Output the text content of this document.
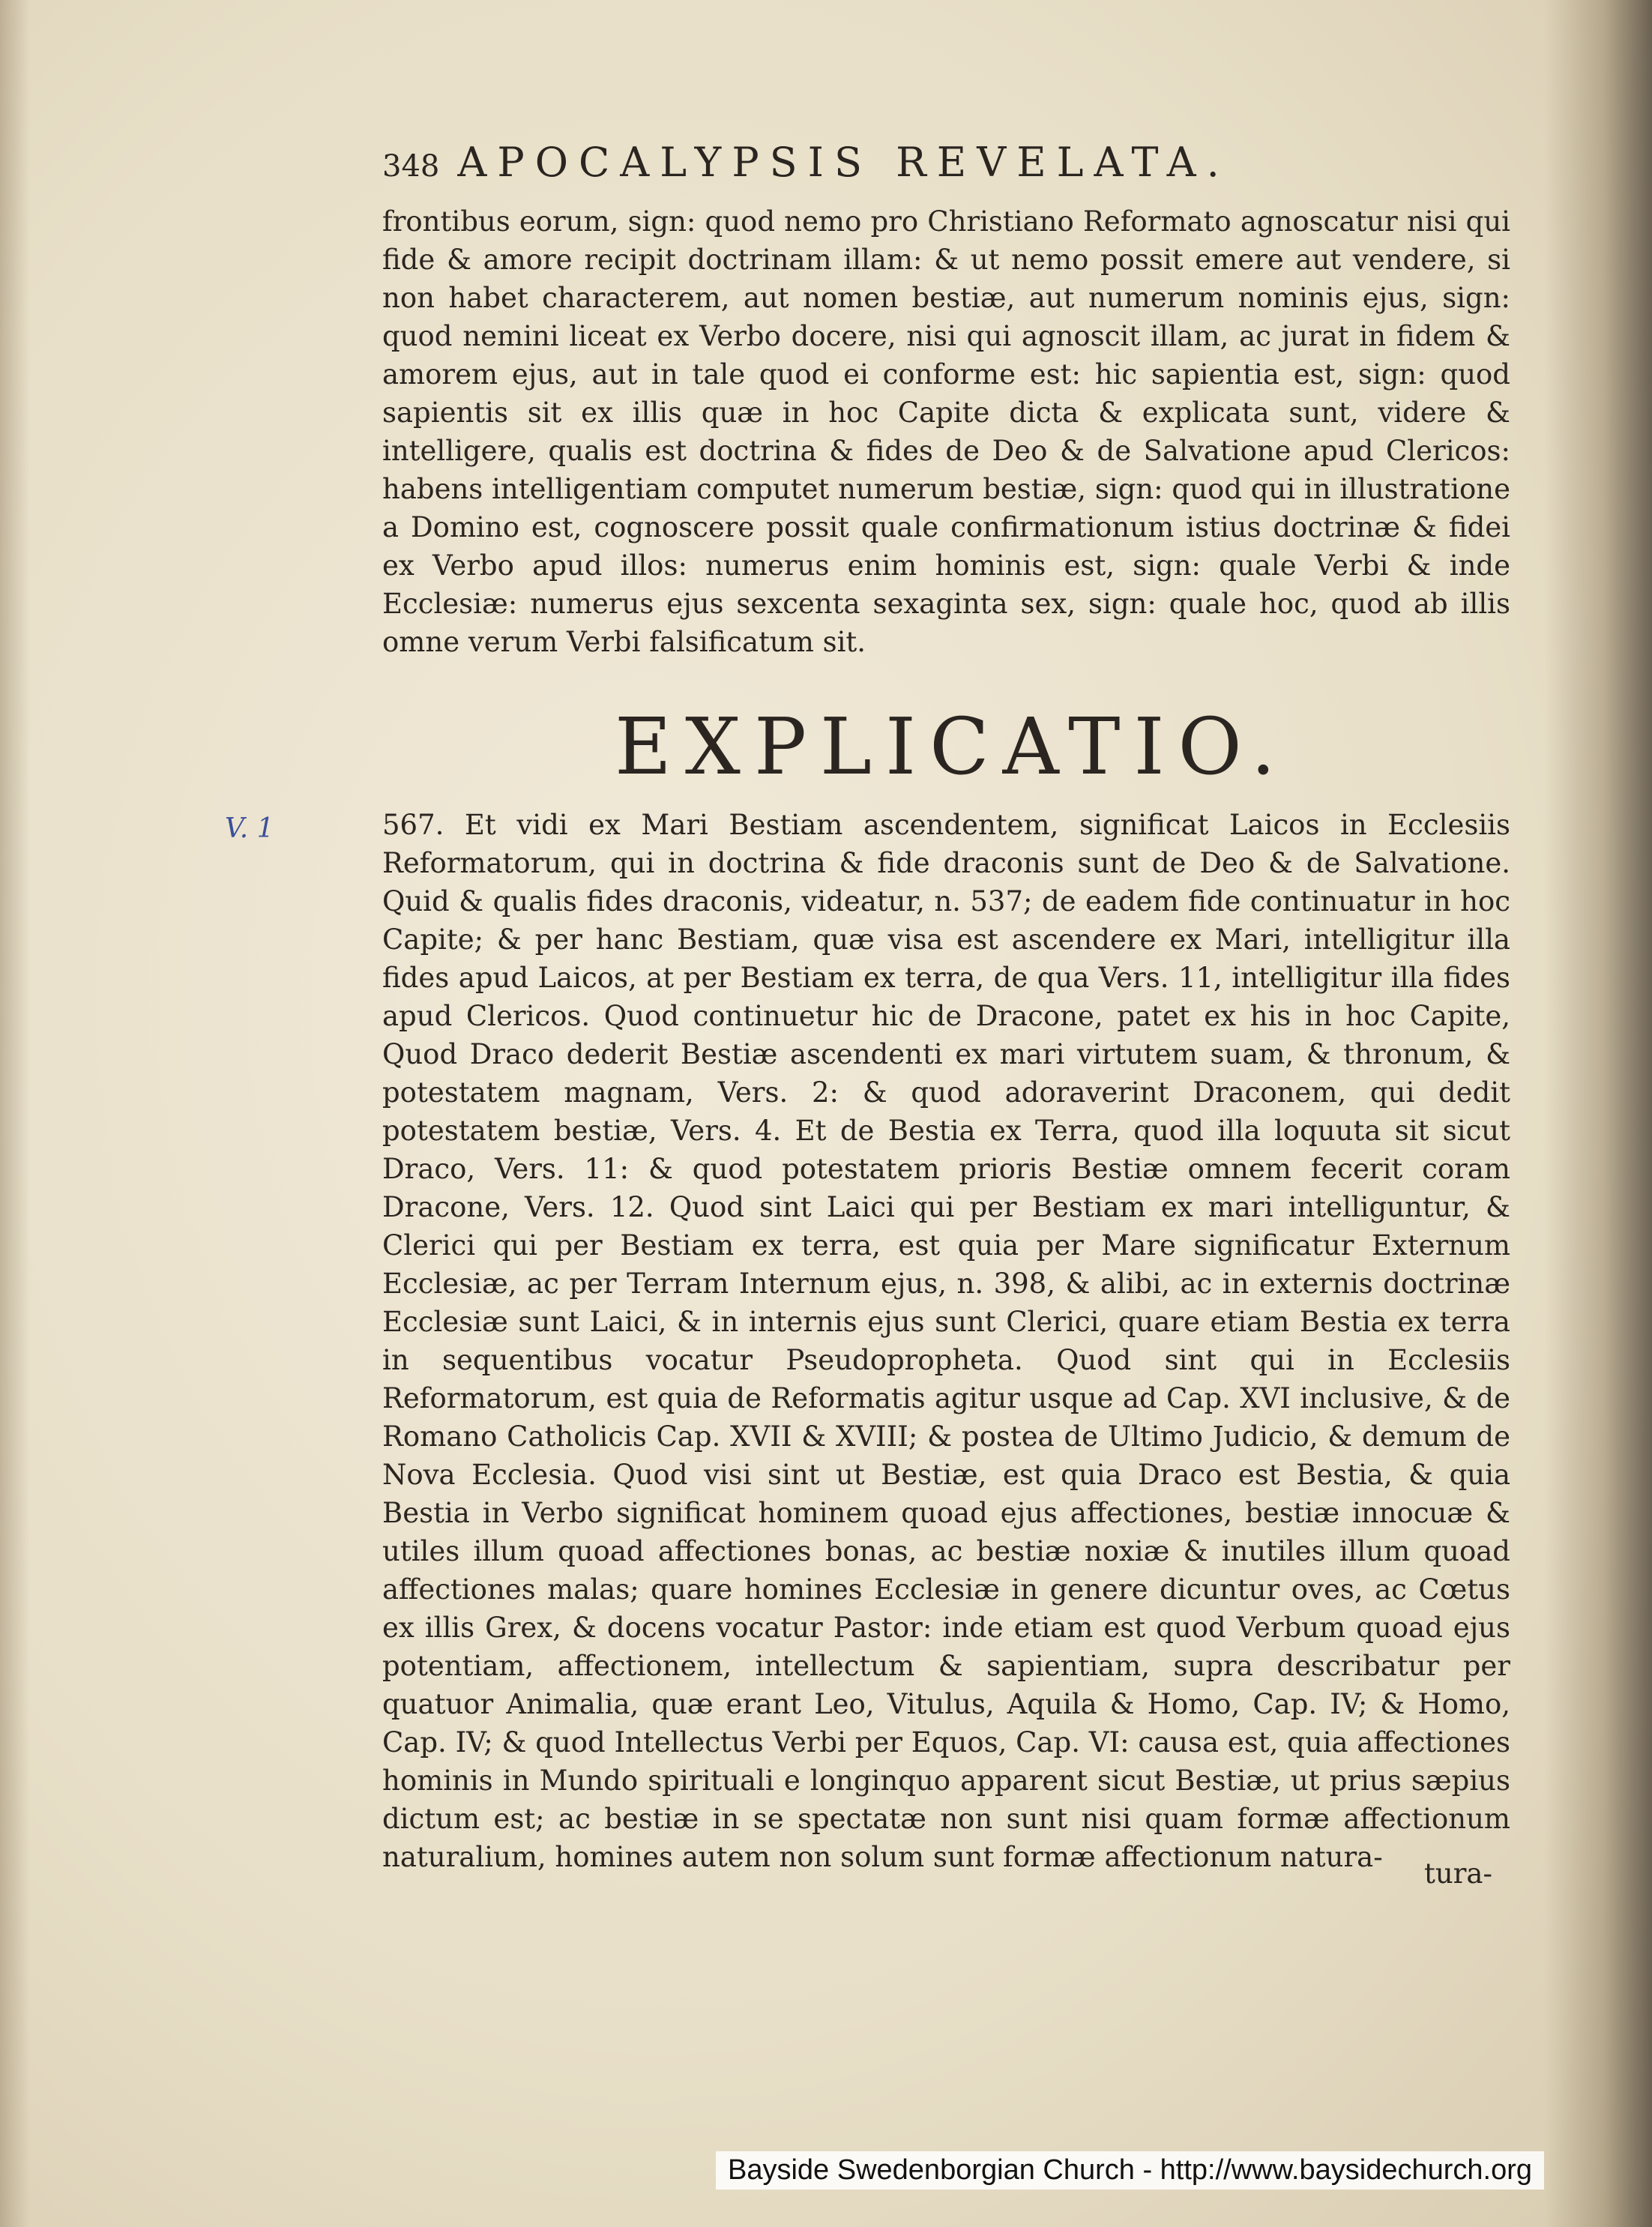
348 APOCALYPSIS REVELATA.
frontibus eorum, sign: quod nemo pro Christiano Reformato agnoscatur nisi qui fide & amore recipit doctrinam illam: & ut nemo possit emere aut vendere, si non habet characterem, aut nomen bestiæ, aut numerum nominis ejus, sign: quod nemini liceat ex Verbo docere, nisi qui agnoscit illam, ac jurat in fidem & amorem ejus, aut in tale quod ei conforme est: hic sapientia est, sign: quod sapientis sit ex illis quæ in hoc Capite dicta & explicata sunt, videre & intelligere, qualis est doctrina & fides de Deo & de Salvatione apud Clericos: habens intelligentiam computet numerum bestiæ, sign: quod qui in illustratione a Domino est, cognoscere possit quale confirmationum istius doctrinæ & fidei ex Verbo apud illos: numerus enim hominis est, sign: quale Verbi & inde Ecclesiæ: numerus ejus sexcenta sexaginta sex, sign: quale hoc, quod ab illis omne verum Verbi falsificatum sit.
EXPLICATIO.
V. 1	567. Et vidi ex Mari Bestiam ascendentem, significat Laicos in Ecclesiis Reformatorum, qui in doctrina & fide draconis sunt de Deo & de Salvatione. Quid & qualis fides draconis, videatur, n. 537; de eadem fide continuatur in hoc Capite; & per hanc Bestiam, quæ visa est ascendere ex Mari, intelligitur illa fides apud Laicos, at per Bestiam ex terra, de qua Vers. 11, intelligitur illa fides apud Clericos. Quod continuetur hic de Dracone, patet ex his in hoc Capite, Quod Draco dederit Bestiæ ascendenti ex mari virtutem suam, & thronum, & potestatem magnam, Vers. 2: & quod adoraverint Draconem, qui dedit potestatem bestiæ, Vers. 4. Et de Bestia ex Terra, quod illa loquuta sit sicut Draco, Vers. 11: & quod potestatem prioris Bestiæ omnem fecerit coram Dracone, Vers. 12. Quod sint Laici qui per Bestiam ex mari intelliguntur, & Clerici qui per Bestiam ex terra, est quia per Mare significatur Externum Ecclesiæ, ac per Terram Internum ejus, n. 398, & alibi, ac in externis doctrinæ Ecclesiæ sunt Laici, & in internis ejus sunt Clerici, quare etiam Bestia ex terra in sequentibus vocatur Pseudopropheta. Quod sint qui in Ecclesiis Reformatorum, est quia de Reformatis agitur usque ad Cap. XVI inclusive, & de Romano Catholicis Cap. XVII & XVIII; & postea de Ultimo Judicio, & demum de Nova Ecclesia. Quod visi sint ut Bestiæ, est quia Draco est Bestia, & quia Bestia in Verbo significat hominem quoad ejus affectiones, bestiæ innocuæ & utiles illum quoad affectiones bonas, ac bestiæ noxiæ & inutiles illum quoad affectiones malas; quare homines Ecclesiæ in genere dicuntur oves, ac Cœtus ex illis Grex, & docens vocatur Pastor: inde etiam est quod Verbum quoad ejus potentiam, affectionem, intellectum & sapientiam, supra describatur per quatuor Animalia, quæ erant Leo, Vitulus, Aquila & Homo, Cap. IV; & Homo, Cap. IV; & quod Intellectus Verbi per Equos, Cap. VI: causa est, quia affectiones hominis in Mundo spirituali e longinquo apparent sicut Bestiæ, ut prius sæpius dictum est; ac bestiæ in se spectatæ non sunt nisi quam formæ affectionum naturalium, homines autem non solum sunt formæ affectionum natura-
tura-
Bayside Swedenborgian Church - http://www.baysidechurch.org
